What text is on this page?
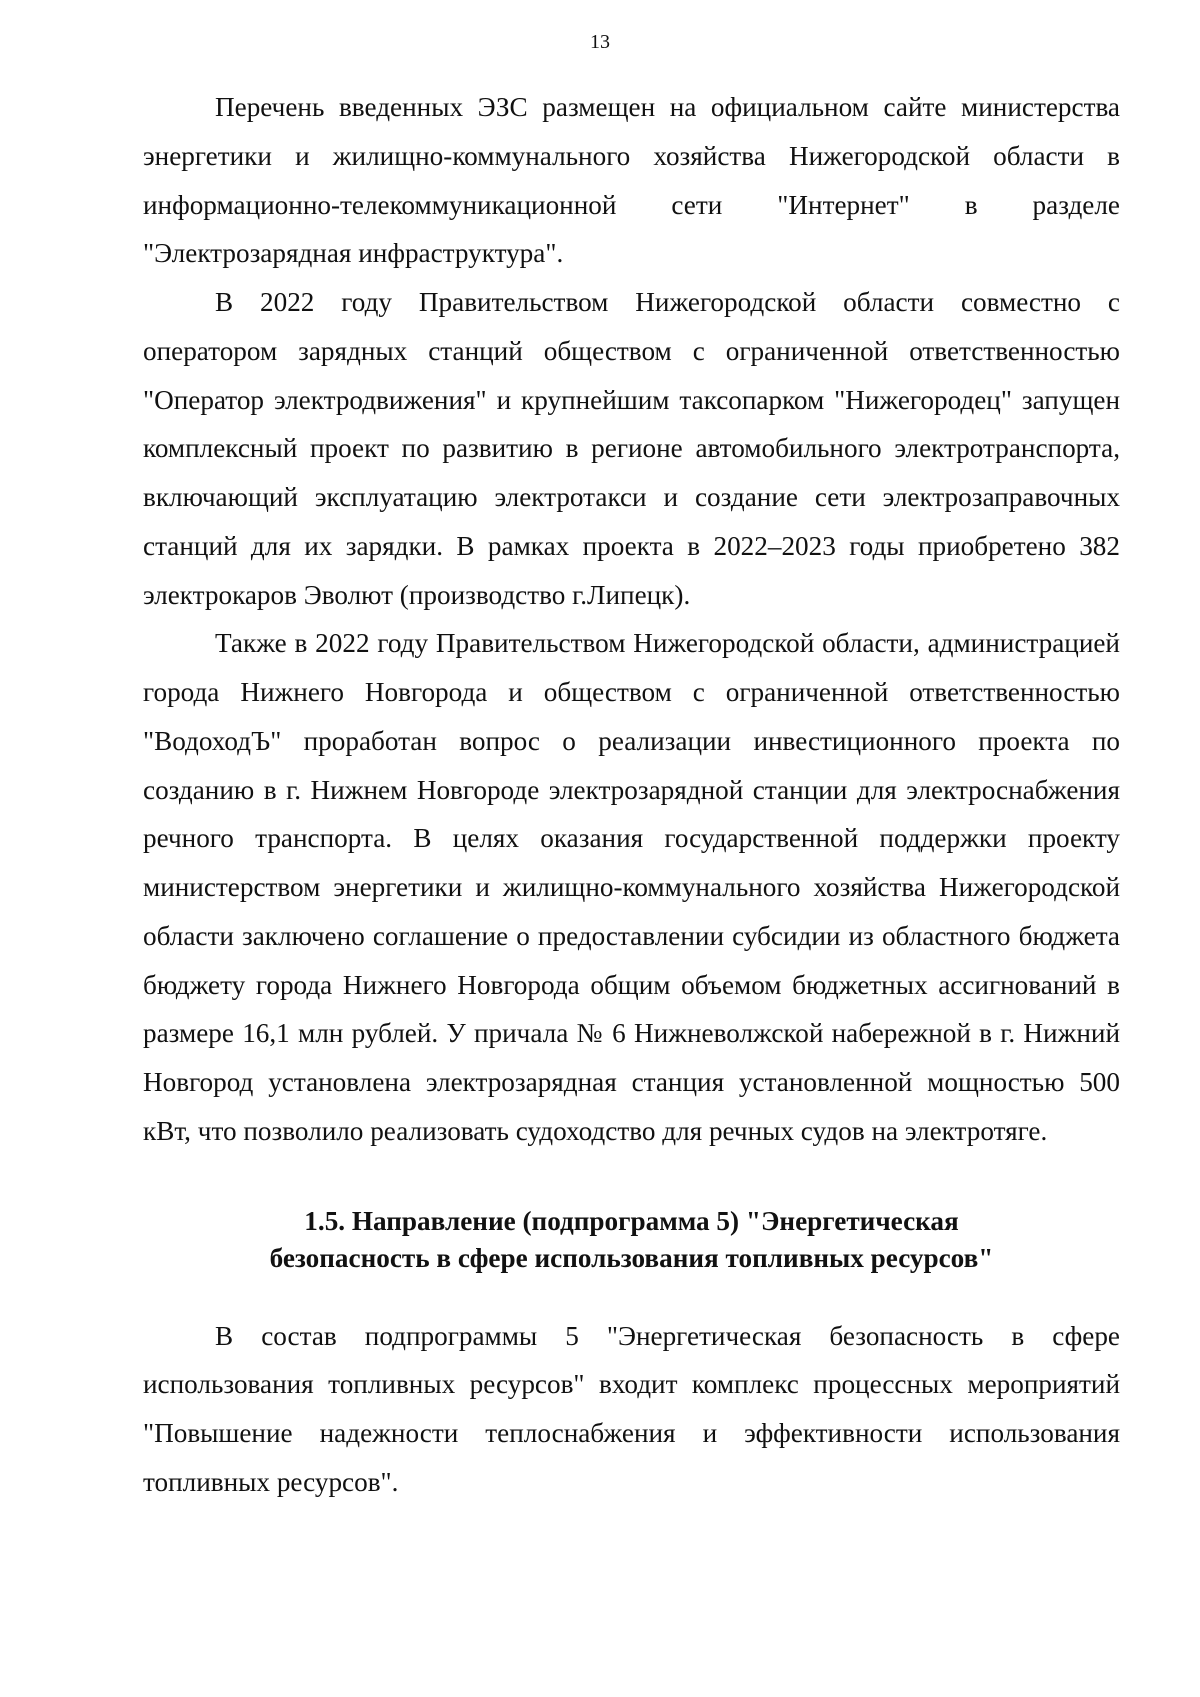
13

Перечень введенных ЭЗС размещен на официальном сайте министерства энергетики и жилищно-коммунального хозяйства Нижегородской области в информационно-телекоммуникационной сети "Интернет" в разделе "Электрозарядная инфраструктура".

В 2022 году Правительством Нижегородской области совместно с оператором зарядных станций обществом с ограниченной ответственностью "Оператор электродвижения" и крупнейшим таксопарком "Нижегородец" запущен комплексный проект по развитию в регионе автомобильного электротранспорта, включающий эксплуатацию электротакси и создание сети электрозаправочных станций для их зарядки. В рамках проекта в 2022–2023 годы приобретено 382 электрокаров Эволют (производство г.Липецк).

Также в 2022 году Правительством Нижегородской области, администрацией города Нижнего Новгорода и обществом с ограниченной ответственностью "ВодоходЪ" проработан вопрос о реализации инвестиционного проекта по созданию в г. Нижнем Новгороде электрозарядной станции для электроснабжения речного транспорта. В целях оказания государственной поддержки проекту министерством энергетики и жилищно-коммунального хозяйства Нижегородской области заключено соглашение о предоставлении субсидии из областного бюджета бюджету города Нижнего Новгорода общим объемом бюджетных ассигнований в размере 16,1 млн рублей. У причала № 6 Нижневолжской набережной в г. Нижний Новгород установлена электрозарядная станция установленной мощностью 500 кВт, что позволило реализовать судоходство для речных судов на электротяге.

1.5. Направление (подпрограмма 5) "Энергетическая
безопасность в сфере использования топливных ресурсов"

В состав подпрограммы 5 "Энергетическая безопасность в сфере использования топливных ресурсов" входит комплекс процессных мероприятий "Повышение надежности теплоснабжения и эффективности использования топливных ресурсов".
